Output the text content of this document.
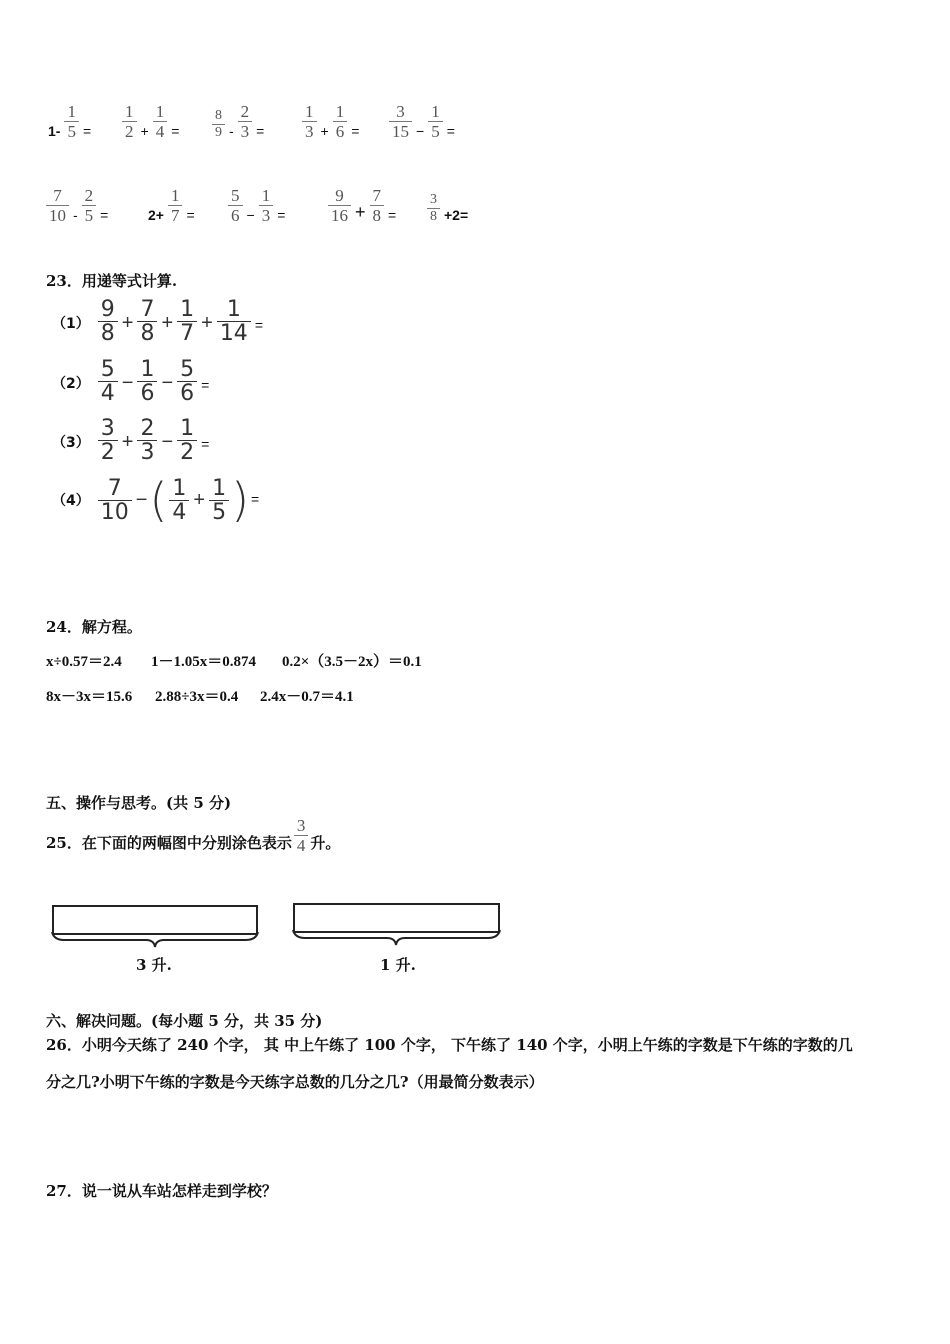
$1- \frac{1}{5} = \frac{1}{2} + \frac{1}{4} = \frac{8}{9} - \frac{2}{3} = \frac{1}{3} + \frac{1}{6} = \frac{3}{15} - \frac{1}{5}$ =
$\frac{7}{10} - \frac{2}{5}$ =	$2+ \frac{1}{7} = \frac{5}{6} - \frac{1}{3}$ =	$\frac{9}{16} + \frac{7}{8} = \frac{3}{8} +2=$
23．用递等式计算.
$(1) \frac{9}{8} + \frac{7}{8} + \frac{1}{7} + \frac{1}{14}$ =
$(2) \frac{5}{4} - \frac{1}{6} - \frac{5}{6}$ =
$(3) \frac{3}{2} + \frac{2}{3} - \frac{1}{2}$ =
$(4) \frac{7}{10}$ − ( $\frac{1}{4} + \frac{1}{5}$ ) =
24．解方程。
x÷0.57＝2.4 1－1.05x＝0.874 0.2×（3.5－2x）＝0.1
8x－3x＝15.6 2.88÷3x＝0.4 2.4x－0.7＝4.1
五、操作与思考。(共 5 分)
25．在下面的两幅图中分别涂色表示 $\frac{3}{4}$ 升。
3 升.	1 升.
六、解决问题。(每小题 5 分，共 35 分)
26．小明今天练了 240 个字， 其 中上午练了 100 个字， 下午练了 140 个字，小明上午练的字数是下午练的字数的几
分之几?小明下午练的字数是今天练字总数的几分之几?（用最简分数表示）
27．说一说从车站怎样走到学校？
